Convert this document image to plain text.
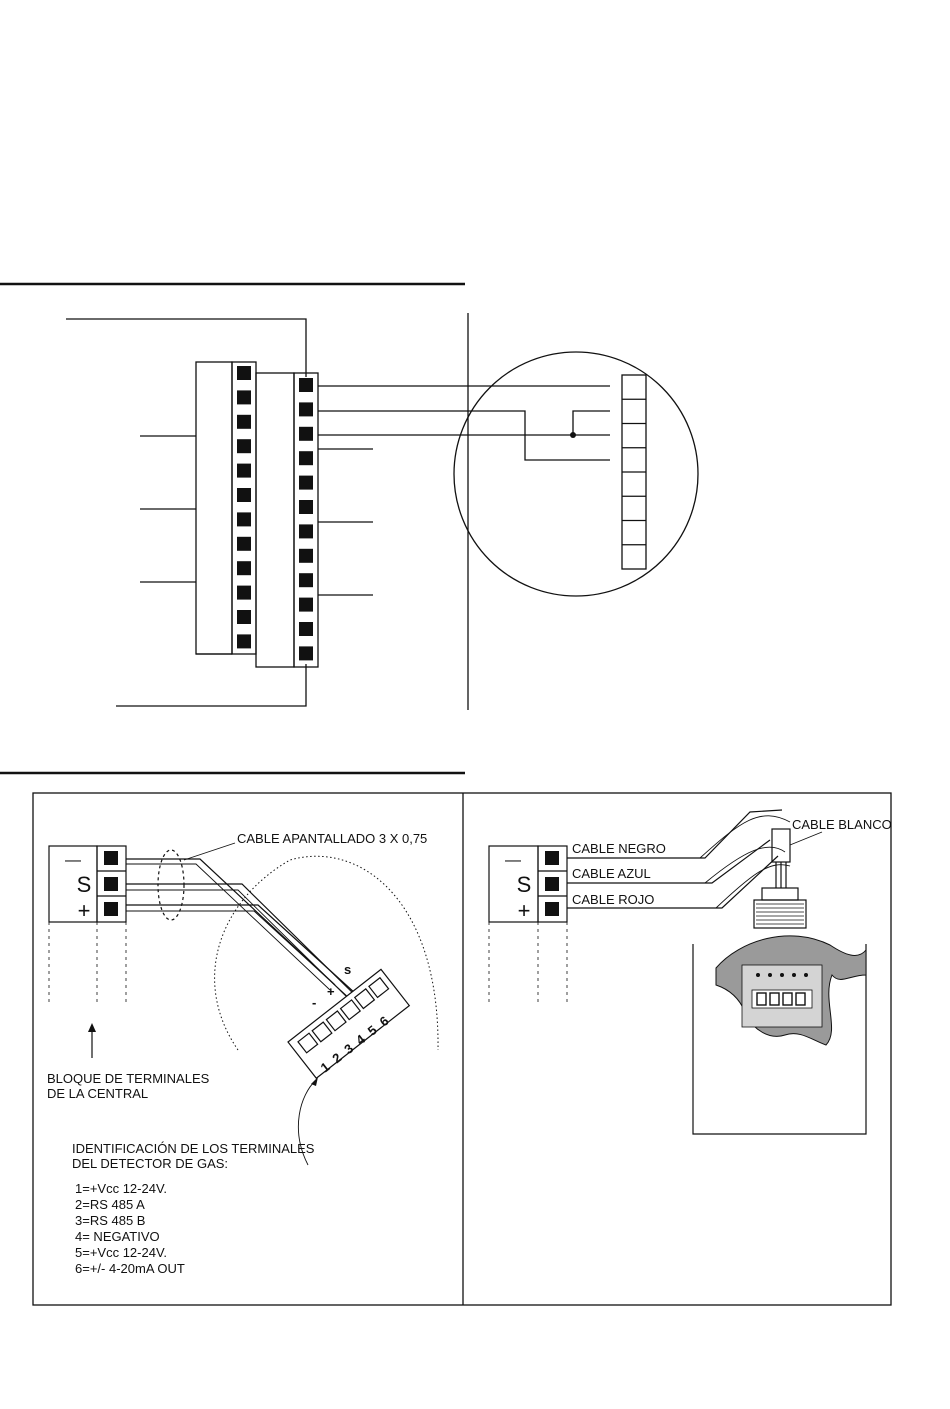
—
S
+
CABLE APANTALLADO 3 X 0,75
s
+
-
1
2
3
4
5
6
BLOQUE DE TERMINALES
DE LA CENTRAL
IDENTIFICACIÓN DE LOS TERMINALES
DEL DETECTOR DE GAS:
1=+Vcc 12-24V.
2=RS 485 A
3=RS 485 B
4= NEGATIVO
5=+Vcc 12-24V.
6=+/- 4-20mA OUT
—
S
+
CABLE NEGRO
CABLE AZUL
CABLE ROJO
CABLE BLANCO
